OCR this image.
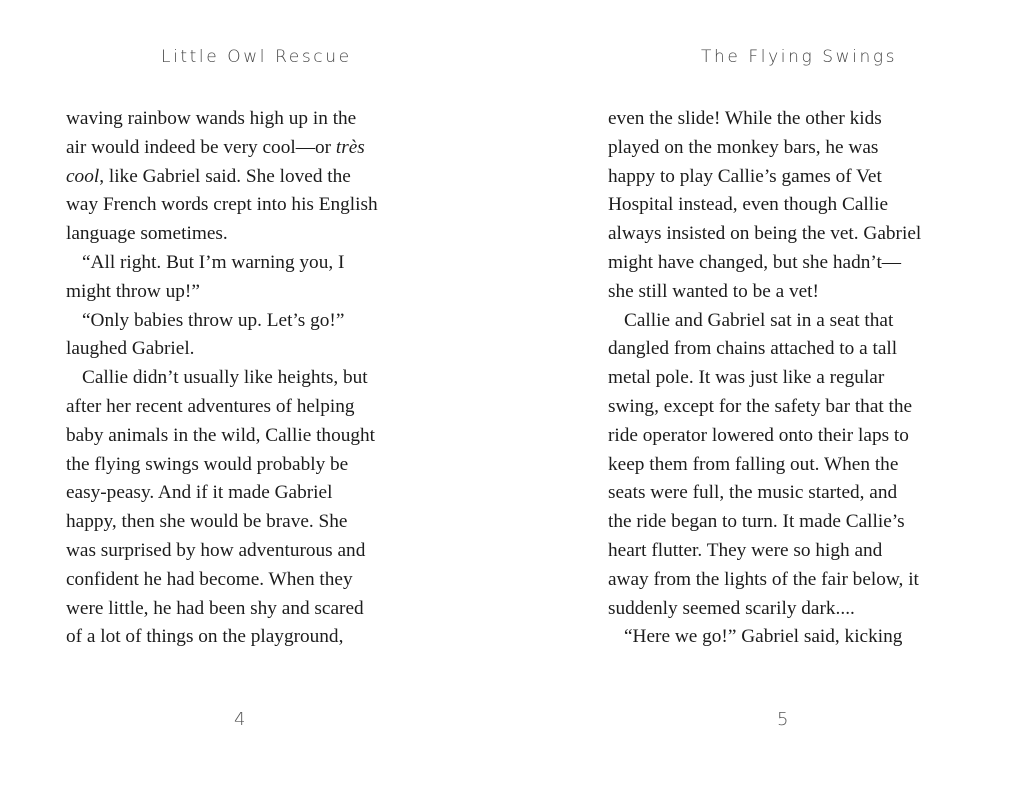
Little Owl Rescue
waving rainbow wands high up in the
air would indeed be very cool—or très
cool, like Gabriel said. She loved the
way French words crept into his English
language sometimes.
“All right. But I’m warning you, I
might throw up!”
“Only babies throw up. Let’s go!”
laughed Gabriel.
Callie didn’t usually like heights, but
after her recent adventures of helping
baby animals in the wild, Callie thought
the flying swings would probably be
easy-peasy. And if it made Gabriel
happy, then she would be brave. She
was surprised by how adventurous and
confident he had become. When they
were little, he had been shy and scared
of a lot of things on the playground,
4
The Flying Swings
even the slide! While the other kids
played on the monkey bars, he was
happy to play Callie’s games of Vet
Hospital instead, even though Callie
always insisted on being the vet. Gabriel
might have changed, but she hadn’t—
she still wanted to be a vet!
Callie and Gabriel sat in a seat that
dangled from chains attached to a tall
metal pole. It was just like a regular
swing, except for the safety bar that the
ride operator lowered onto their laps to
keep them from falling out. When the
seats were full, the music started, and
the ride began to turn. It made Callie’s
heart flutter. They were so high and
away from the lights of the fair below, it
suddenly seemed scarily dark....
“Here we go!” Gabriel said, kicking
5
